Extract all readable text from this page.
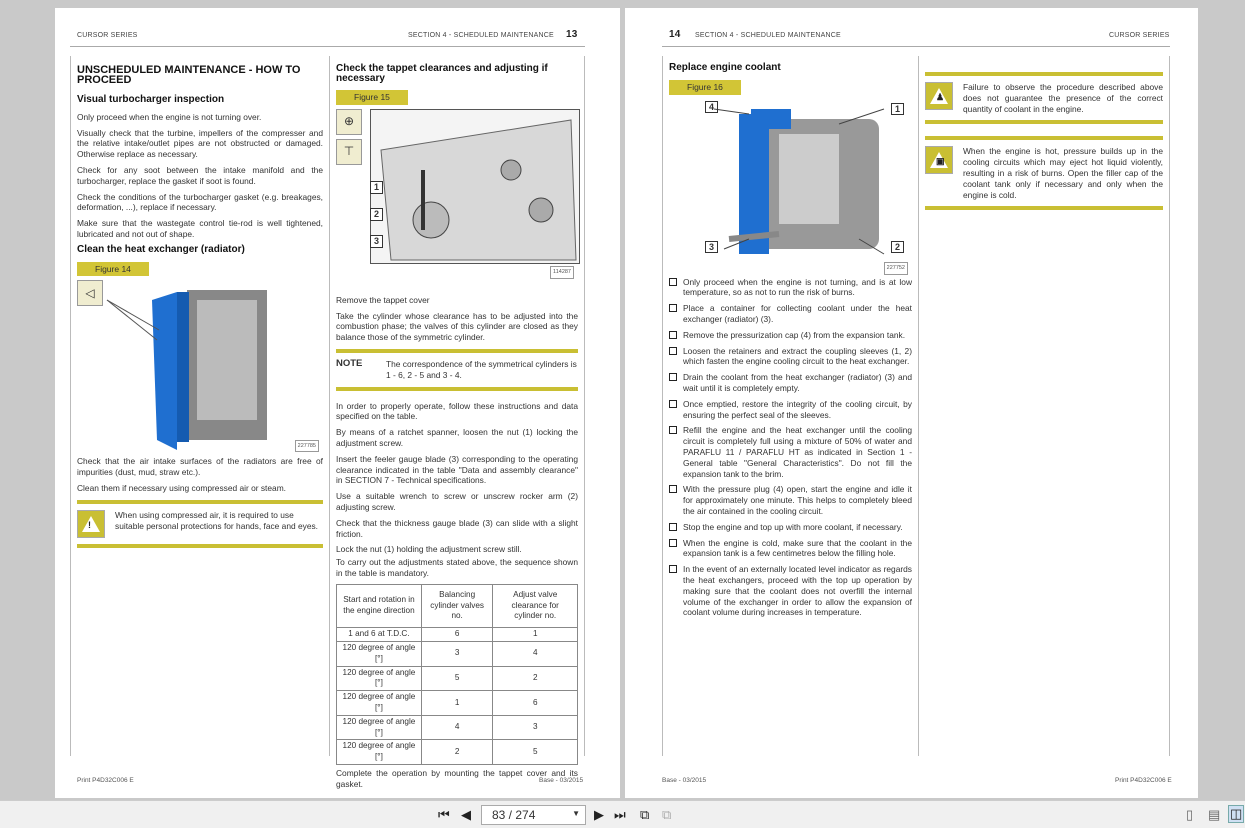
CURSOR SERIES	SECTION 4 - SCHEDULED MAINTENANCE 13
UNSCHEDULED MAINTENANCE - HOW TO PROCEED
Visual turbocharger inspection

Only proceed when the engine is not turning over.

Visually check that the turbine, impellers of the compresser and the relative intake/outlet pipes are not obstructed or damaged. Otherwise replace as necessary.

Check for any soot between the intake manifold and the turbocharger, replace the gasket if soot is found.

Check the conditions of the turbocharger gasket (e.g. breakages, deformation, ...), replace if necessary.

Make sure that the wastegate control tie-rod is well tightened, lubricated and not out of shape.

Clean the heat exchanger (radiator)
Figure 14
◁
227785

Check that the air intake surfaces of the radiators are free of impurities (dust, mud, straw etc.).

Clean them if necessary using compressed air or steam.

!
When using compressed air, it is required to use suitable personal protections for hands, face and eyes.
Check the tappet clearances and adjusting if necessary
Figure 15
⊕
⊤
1
2
3
114287

Remove the tappet cover

Take the cylinder whose clearance has to be adjusted into the combustion phase; the valves of this cylinder are closed as they balance those of the symmetric cylinder.

NOTE	The correspondence of the symmetrical cylinders is 1 - 6, 2 - 5 and 3 - 4.

In order to properly operate, follow these instructions and data specified on the table.

By means of a ratchet spanner, loosen the nut (1) locking the adjustment screw.

Insert the feeler gauge blade (3) corresponding to the operating clearance indicated in the table "Data and assembly clearance" in SECTION 7 - Technical specifications.

Use a suitable wrench to screw or unscrew rocker arm (2) adjusting screw.

Check that the thickness gauge blade (3) can slide with a slight friction.

Lock the nut (1) holding the adjustment screw still.

To carry out the adjustments stated above, the sequence shown in the table is mandatory.

Start and rotation in the engine direction	Balancing cylinder valves no.	Adjust valve clearance for cylinder no.
1 and 6 at T.D.C.	6	1
120 degree of angle [°]	3	4
120 degree of angle [°]	5	2
120 degree of angle [°]	1	6
120 degree of angle [°]	4	3
120 degree of angle [°]	2	5

Complete the operation by mounting the tappet cover and its gasket.

Print P4D32C006 E	Base - 03/2015
14 SECTION 4 - SCHEDULED MAINTENANCE	CURSOR SERIES
Replace engine coolant
Figure 16
4	1
3	2
227752
Only proceed when the engine is not turning, and is at low temperature, so as not to run the risk of burns.
Place a container for collecting coolant under the heat exchanger (radiator) (3).
Remove the pressurization cap (4) from the expansion tank.
Loosen the retainers and extract the coupling sleeves (1, 2) which fasten the engine cooling circuit to the heat exchanger.
Drain the coolant from the heat exchanger (radiator) (3) and wait until it is completely empty.
Once emptied, restore the integrity of the cooling circuit, by ensuring the perfect seal of the sleeves.
Refill the engine and the heat exchanger until the cooling circuit is completely full using a mixture of 50% of water and PARAFLU 11 / PARAFLU HT as indicated in Section 1 - General table "General Characteristics". Do not fill the expansion tank to the brim.
With the pressure plug (4) open, start the engine and idle it for approximately one minute. This helps to completely bleed the air contained in the cooling circuit.
Stop the engine and top up with more coolant, if necessary.
When the engine is cold, make sure that the coolant in the expansion tank is a few centimetres below the filling hole.
In the event of an externally located level indicator as regards the heat exchangers, proceed with the top up operation by making sure that the coolant does not overfill the internal volume of the exchanger in order to allow the expansion of coolant volume during increases in temperature.
♟
Failure to observe the procedure described above does not guarantee the presence of the correct quantity of coolant in the engine.
▣
When the engine is hot, pressure builds up in the cooling circuits which may eject hot liquid violently, resulting in a risk of burns. Open the filler cap of the coolant tank only if necessary and only when the engine is cold.
Base - 03/2015	Print P4D32C006 E
⏮ ◀	83 / 274	▼ ▶ ⏭ ⧉ ⧉	▯ ▤ ◫
